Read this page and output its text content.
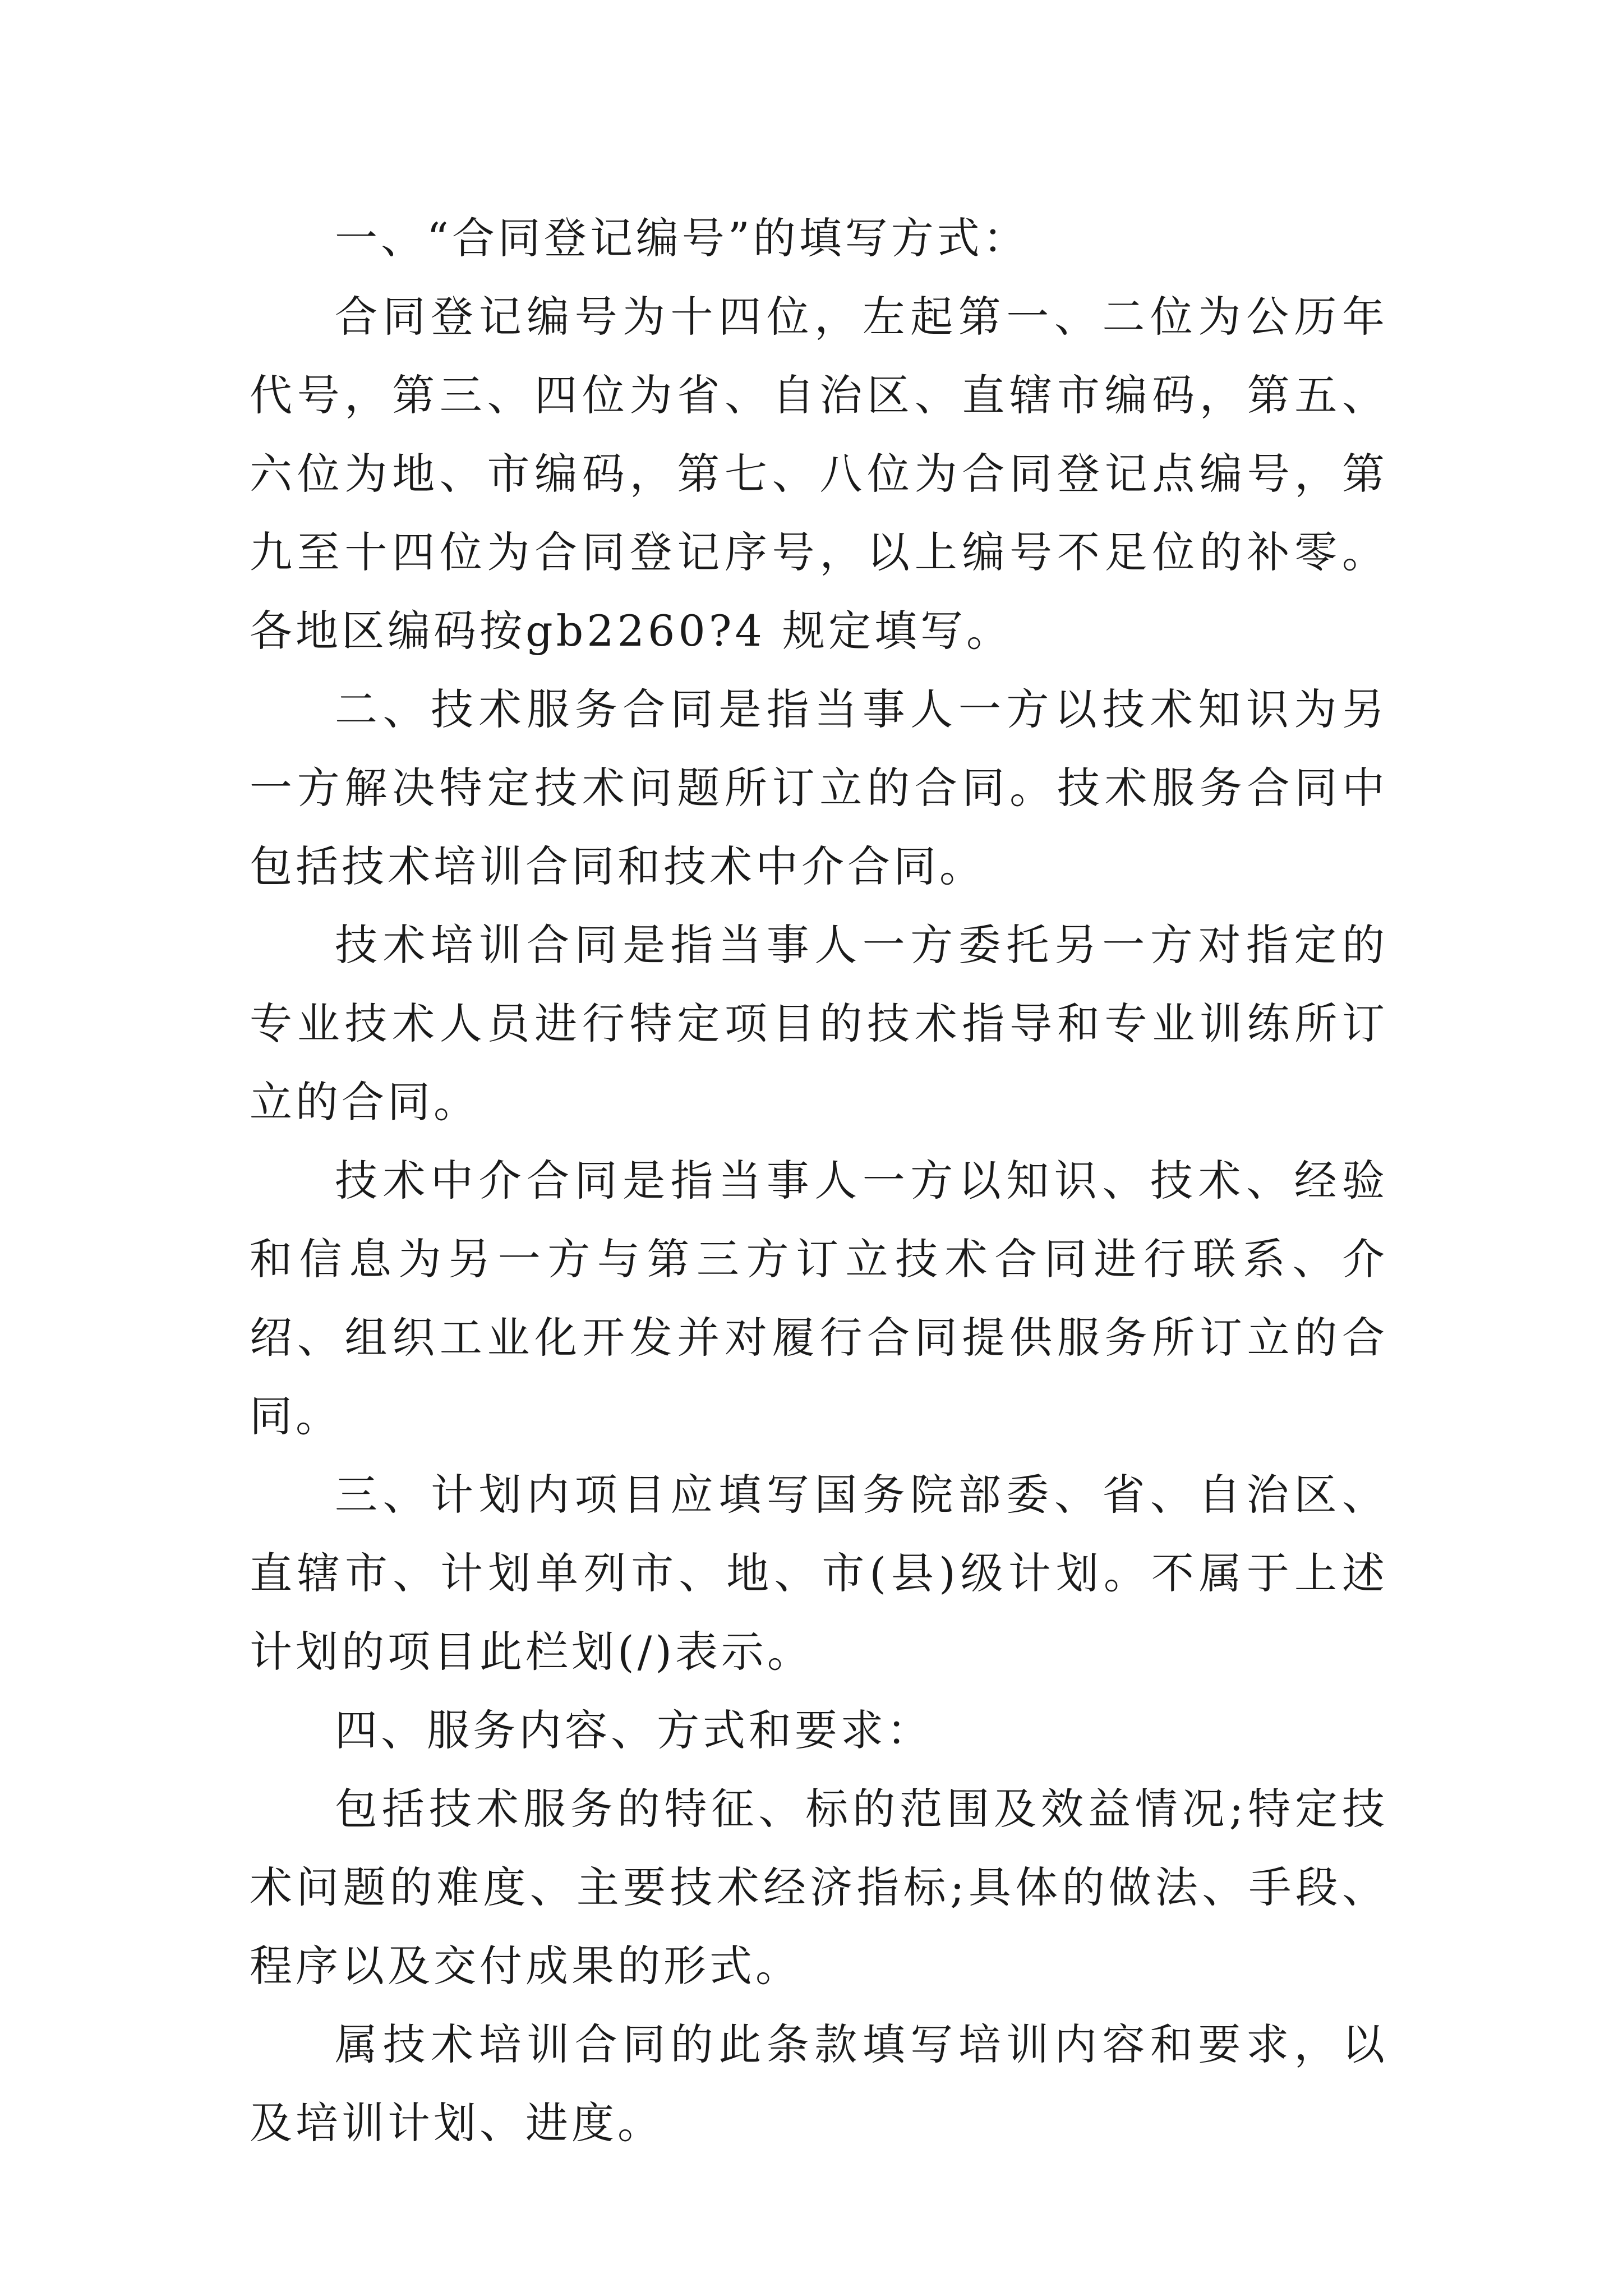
一、“合同登记编号”的填写方式：

合同登记编号为十四位，左起第一、二位为公历年代号，第三、四位为省、自治区、直辖市编码，第五、六位为地、市编码，第七、八位为合同登记点编号，第九至十四位为合同登记序号，以上编号不足位的补零。各地区编码按gb2260?4 规定填写。

二、技术服务合同是指当事人一方以技术知识为另一方解决特定技术问题所订立的合同。技术服务合同中包括技术培训合同和技术中介合同。

技术培训合同是指当事人一方委托另一方对指定的专业技术人员进行特定项目的技术指导和专业训练所订立的合同。

技术中介合同是指当事人一方以知识、技术、经验和信息为另一方与第三方订立技术合同进行联系、介绍、组织工业化开发并对履行合同提供服务所订立的合同。

三、计划内项目应填写国务院部委、省、自治区、直辖市、计划单列市、地、市(县)级计划。不属于上述计划的项目此栏划(/)表示。

四、服务内容、方式和要求：

包括技术服务的特征、标的范围及效益情况;特定技术问题的难度、主要技术经济指标;具体的做法、手段、程序以及交付成果的形式。

属技术培训合同的此条款填写培训内容和要求，以及培训计划、进度。
